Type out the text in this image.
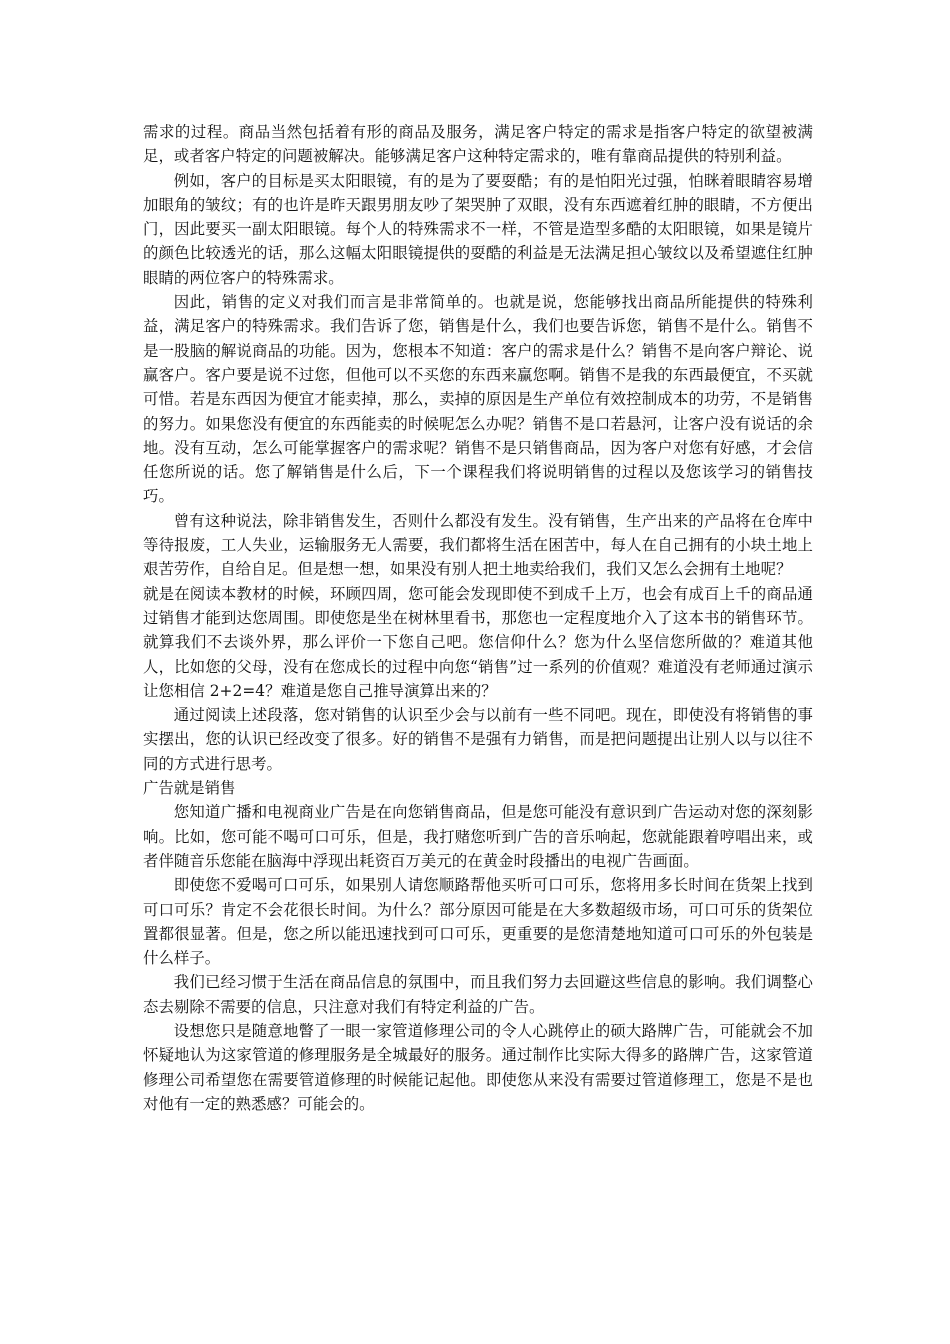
需求的过程。商品当然包括着有形的商品及服务，满足客户特定的需求是指客户特定的欲望被满足，或者客户特定的问题被解决。能够满足客户这种特定需求的，唯有靠商品提供的特别利益。

例如，客户的目标是买太阳眼镜，有的是为了要耍酷；有的是怕阳光过强，怕眯着眼睛容易增加眼角的皱纹；有的也许是昨天跟男朋友吵了架哭肿了双眼，没有东西遮着红肿的眼睛，不方便出门，因此要买一副太阳眼镜。每个人的特殊需求不一样，不管是造型多酷的太阳眼镜，如果是镜片的颜色比较透光的话，那么这幅太阳眼镜提供的耍酷的利益是无法满足担心皱纹以及希望遮住红肿眼睛的两位客户的特殊需求。

因此，销售的定义对我们而言是非常简单的。也就是说，您能够找出商品所能提供的特殊利益，满足客户的特殊需求。我们告诉了您，销售是什么，我们也要告诉您，销售不是什么。销售不是一股脑的解说商品的功能。因为，您根本不知道：客户的需求是什么？销售不是向客户辩论、说赢客户。客户要是说不过您，但他可以不买您的东西来赢您啊。销售不是我的东西最便宜，不买就可惜。若是东西因为便宜才能卖掉，那么，卖掉的原因是生产单位有效控制成本的功劳，不是销售的努力。如果您没有便宜的东西能卖的时候呢怎么办呢？销售不是口若悬河，让客户没有说话的余地。没有互动，怎么可能掌握客户的需求呢？销售不是只销售商品，因为客户对您有好感，才会信任您所说的话。您了解销售是什么后，下一个课程我们将说明销售的过程以及您该学习的销售技巧。

曾有这种说法，除非销售发生，否则什么都没有发生。没有销售，生产出来的产品将在仓库中等待报废，工人失业，运输服务无人需要，我们都将生活在困苦中，每人在自己拥有的小块土地上艰苦劳作，自给自足。但是想一想，如果没有别人把土地卖给我们，我们又怎么会拥有土地呢？

就是在阅读本教材的时候，环顾四周，您可能会发现即使不到成千上万，也会有成百上千的商品通过销售才能到达您周围。即使您是坐在树林里看书，那您也一定程度地介入了这本书的销售环节。就算我们不去谈外界，那么评价一下您自己吧。您信仰什么？您为什么坚信您所做的？难道其他人，比如您的父母，没有在您成长的过程中向您“销售”过一系列的价值观？难道没有老师通过演示让您相信 2+2=4？难道是您自己推导演算出来的？

通过阅读上述段落，您对销售的认识至少会与以前有一些不同吧。现在，即使没有将销售的事实摆出，您的认识已经改变了很多。好的销售不是强有力销售，而是把问题提出让别人以与以往不同的方式进行思考。

广告就是销售

您知道广播和电视商业广告是在向您销售商品，但是您可能没有意识到广告运动对您的深刻影响。比如，您可能不喝可口可乐，但是，我打赌您听到广告的音乐响起，您就能跟着哼唱出来，或者伴随音乐您能在脑海中浮现出耗资百万美元的在黄金时段播出的电视广告画面。

即使您不爱喝可口可乐，如果别人请您顺路帮他买听可口可乐，您将用多长时间在货架上找到可口可乐？肯定不会花很长时间。为什么？部分原因可能是在大多数超级市场，可口可乐的货架位置都很显著。但是，您之所以能迅速找到可口可乐，更重要的是您清楚地知道可口可乐的外包装是什么样子。

我们已经习惯于生活在商品信息的氛围中，而且我们努力去回避这些信息的影响。我们调整心态去剔除不需要的信息，只注意对我们有特定利益的广告。

设想您只是随意地瞥了一眼一家管道修理公司的令人心跳停止的硕大路牌广告，可能就会不加怀疑地认为这家管道的修理服务是全城最好的服务。通过制作比实际大得多的路牌广告，这家管道修理公司希望您在需要管道修理的时候能记起他。即使您从来没有需要过管道修理工，您是不是也对他有一定的熟悉感？可能会的。
